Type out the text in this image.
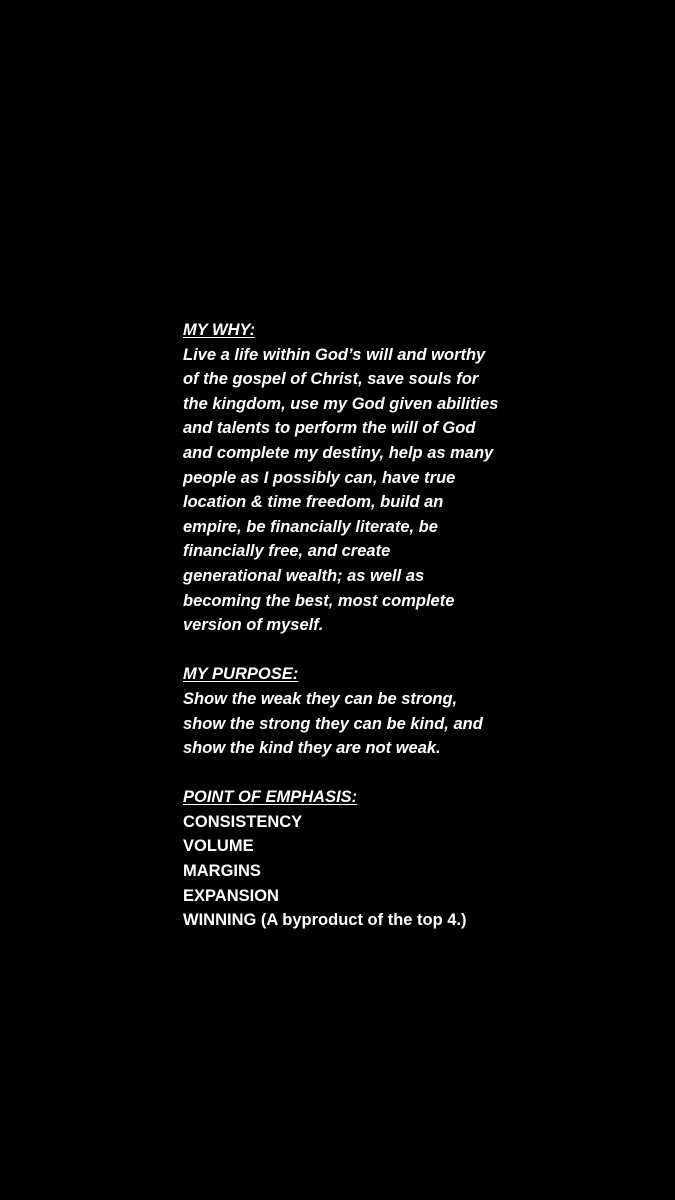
MY WHY:
Live a life within God’s will and worthy
of the gospel of Christ, save souls for
the kingdom, use my God given abilities
and talents to perform the will of God
and complete my destiny, help as many
people as I possibly can, have true
location & time freedom, build an
empire, be financially literate, be
financially free, and create
generational wealth; as well as
becoming the best, most complete
version of myself.
MY PURPOSE:
Show the weak they can be strong,
show the strong they can be kind, and
show the kind they are not weak.
POINT OF EMPHASIS:
CONSISTENCY
VOLUME
MARGINS
EXPANSION
WINNING (A byproduct of the top 4.)
